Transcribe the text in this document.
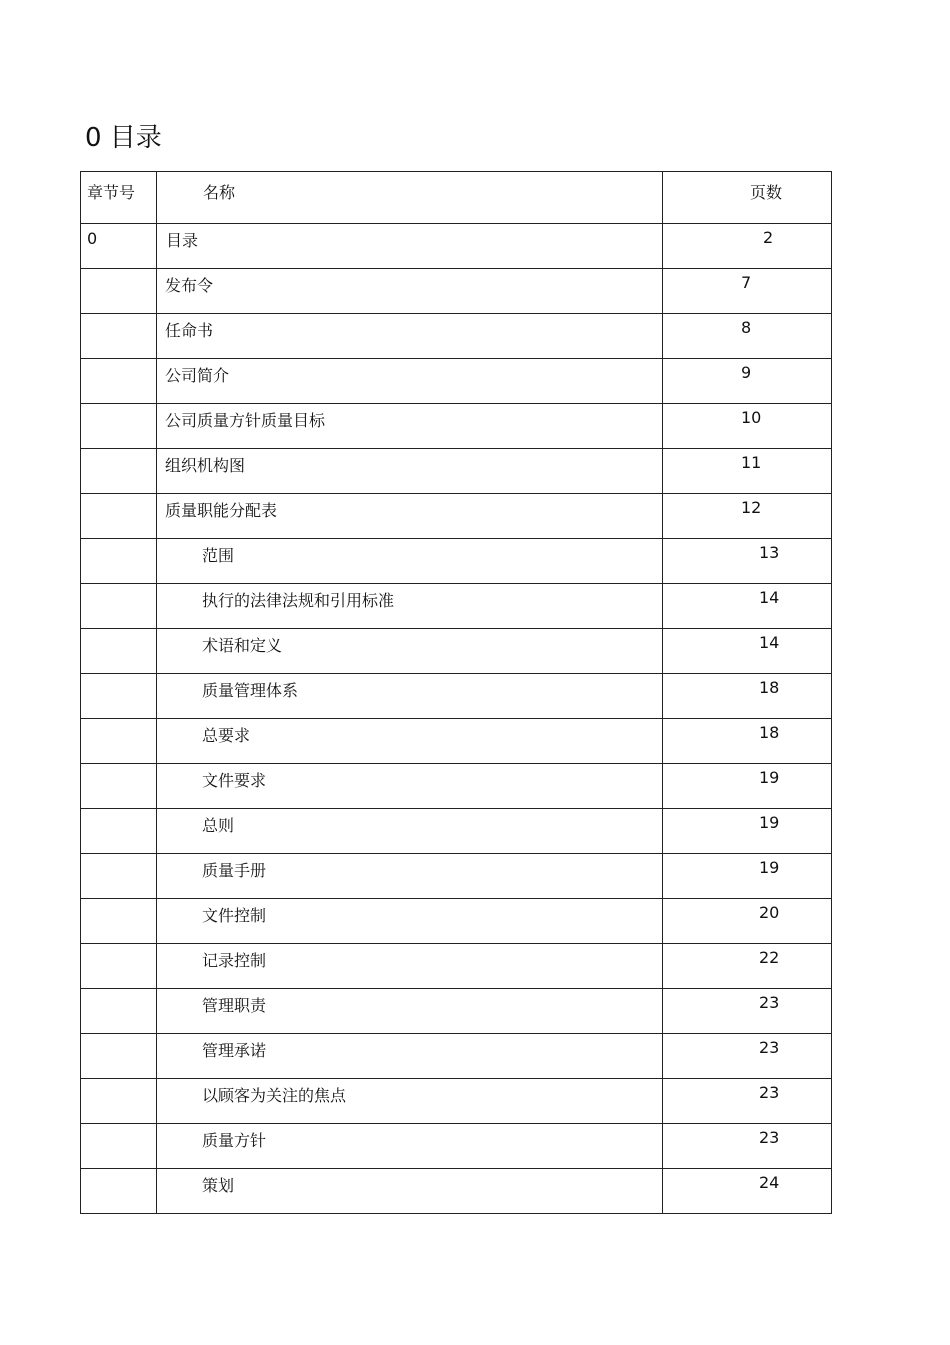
0 目录
章节号	名称	页数

0	目录	2

	发布令	7

	任命书	8

	公司简介	9

	公司质量方针质量目标	10

	组织机构图	11

	质量职能分配表	12

	范围	13

	执行的法律法规和引用标准	14

	术语和定义	14

	质量管理体系	18

	总要求	18

	文件要求	19

	总则	19

	质量手册	19

	文件控制	20

	记录控制	22

	管理职责	23

	管理承诺	23

	以顾客为关注的焦点	23

	质量方针	23

	策划	24
